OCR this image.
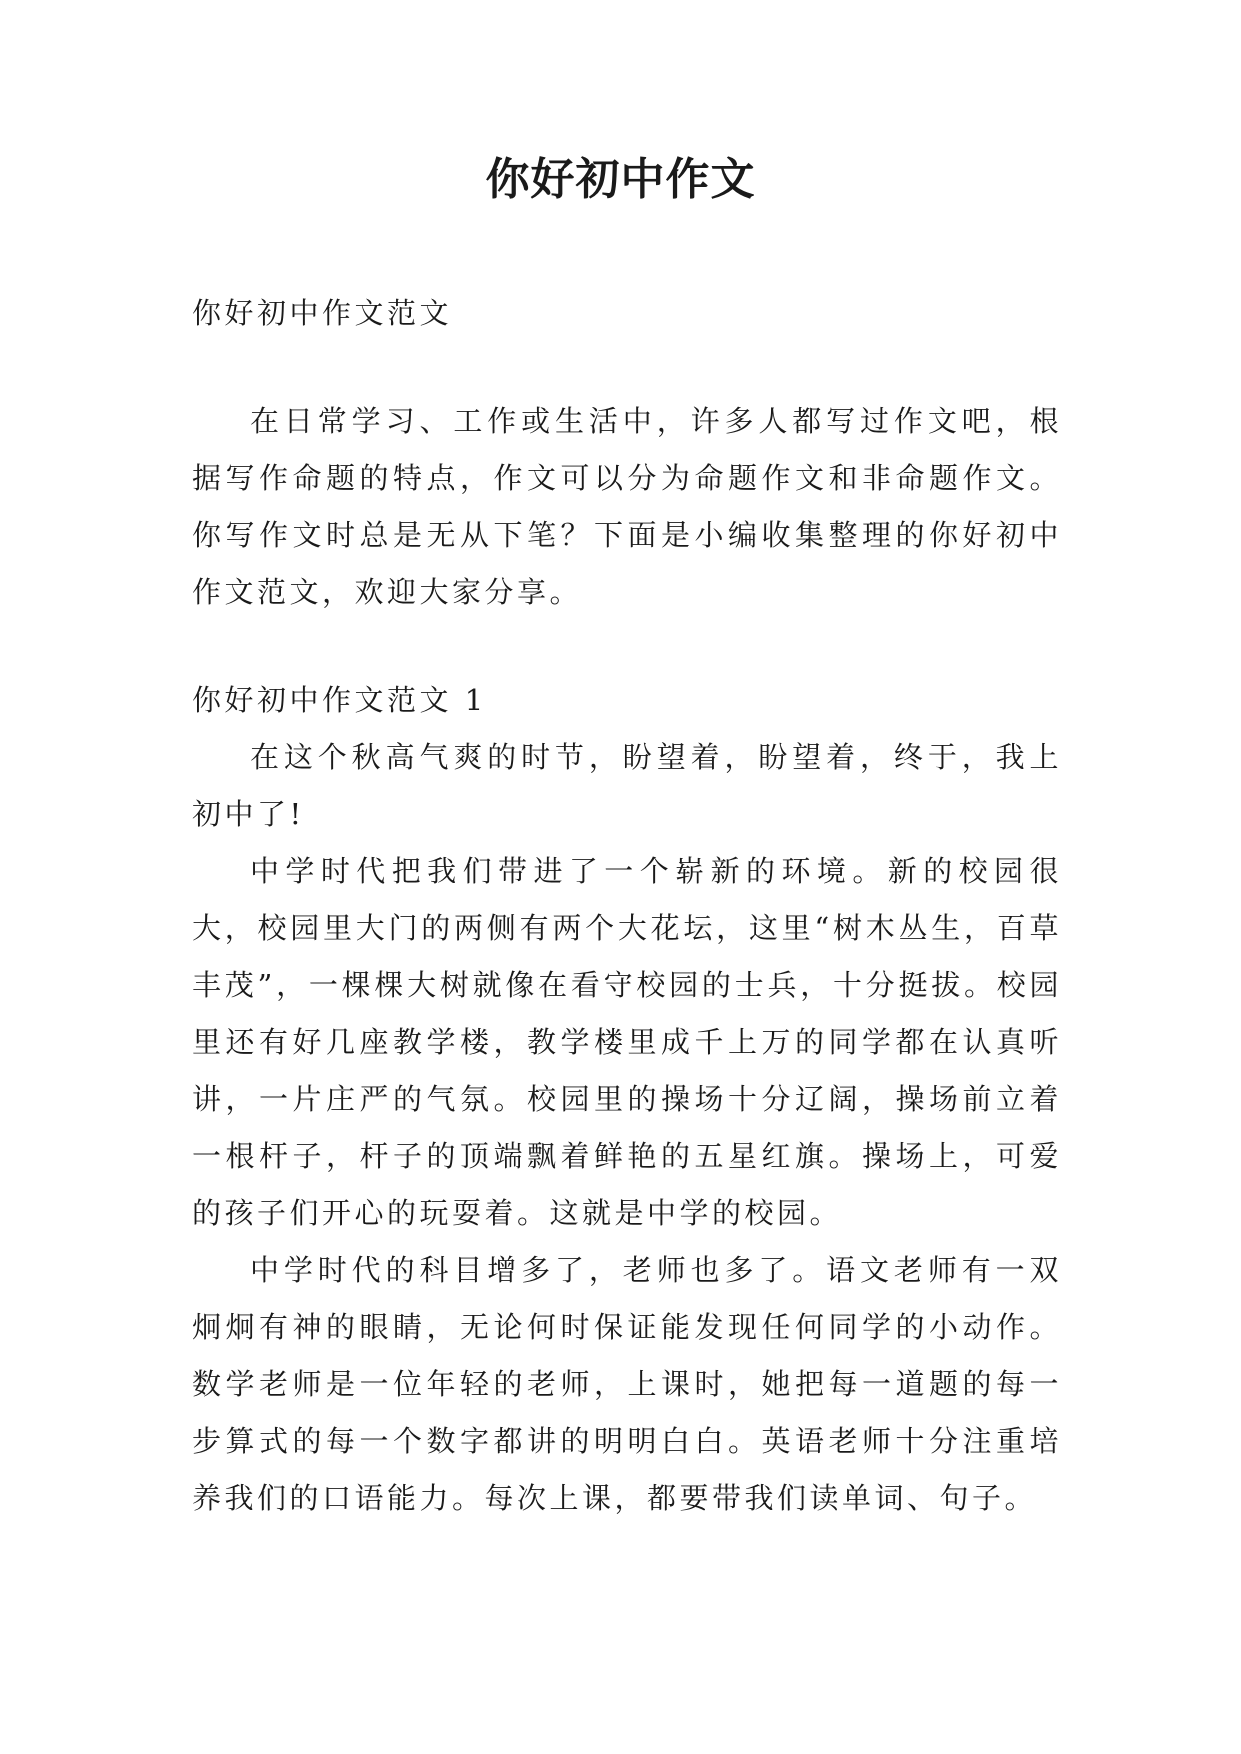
你好初中作文
你好初中作文范文

在日常学习、工作或生活中，许多人都写过作文吧，根据写作命题的特点，作文可以分为命题作文和非命题作文。你写作文时总是无从下笔？下面是小编收集整理的你好初中作文范文，欢迎大家分享。

你好初中作文范文 1

在这个秋高气爽的时节，盼望着，盼望着，终于，我上初中了!

中学时代把我们带进了一个崭新的环境。新的校园很大，校园里大门的两侧有两个大花坛，这里“树木丛生，百草丰茂”，一棵棵大树就像在看守校园的士兵，十分挺拔。校园里还有好几座教学楼，教学楼里成千上万的同学都在认真听讲，一片庄严的气氛。校园里的操场十分辽阔，操场前立着一根杆子，杆子的顶端飘着鲜艳的五星红旗。操场上，可爱的孩子们开心的玩耍着。这就是中学的校园。

中学时代的科目增多了，老师也多了。语文老师有一双炯炯有神的眼睛，无论何时保证能发现任何同学的小动作。数学老师是一位年轻的老师，上课时，她把每一道题的每一步算式的每一个数字都讲的明明白白。英语老师十分注重培养我们的口语能力。每次上课，都要带我们读单词、句子。
